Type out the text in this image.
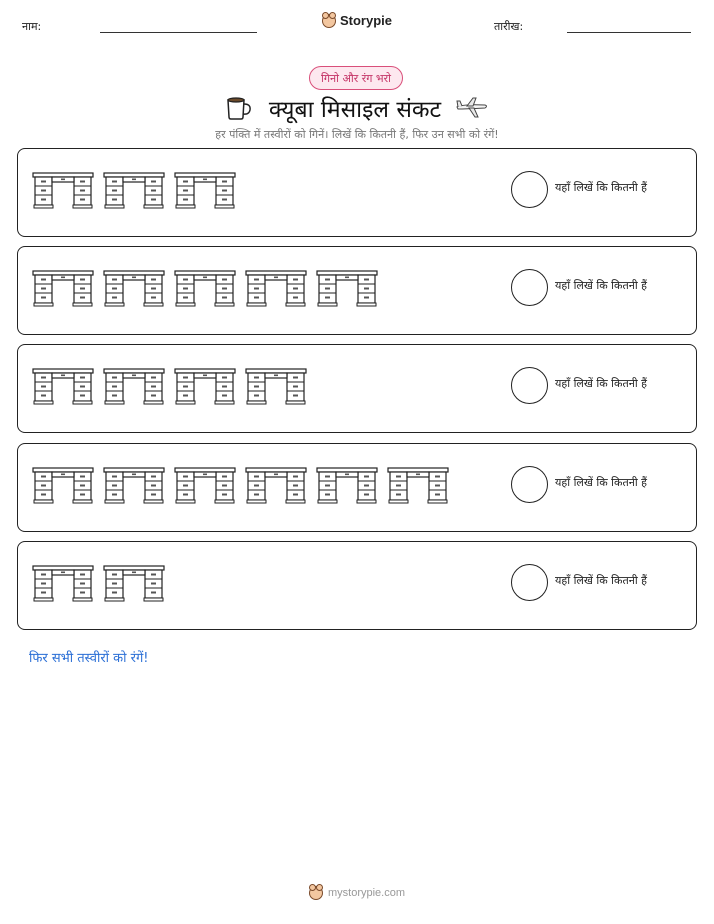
नाम:	Storypie	तारीख:
गिनो और रंग भरो
क्यूबा मिसाइल संकट
हर पंक्ति में तस्वीरों को गिनें। लिखें कि कितनी हैं, फिर उन सभी को रंगें!
यहाँ लिखें कि कितनी हैं
यहाँ लिखें कि कितनी हैं
यहाँ लिखें कि कितनी हैं
यहाँ लिखें कि कितनी हैं
यहाँ लिखें कि कितनी हैं
फिर सभी तस्वीरों को रंगें!
mystorypie.com
